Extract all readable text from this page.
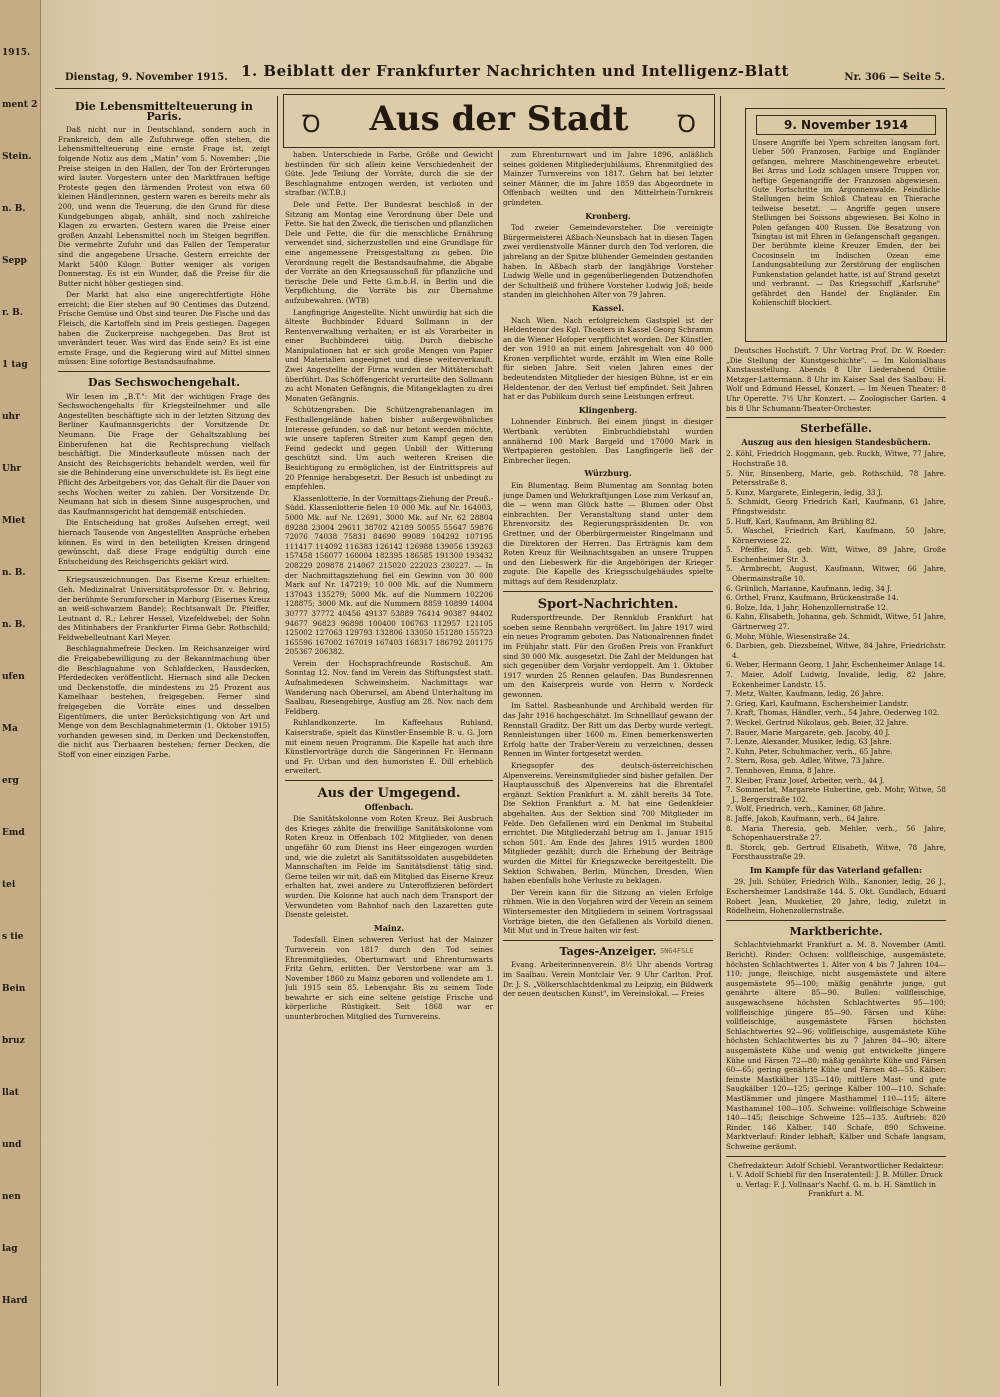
1915.
ment 2
Stein.
n. B.
Sepp
r. B.
1 tag
uhr
Uhr
Miet
n. B.
n. B.
ufen
Ma
erg
Emd
tei
s tie
Bein
bruz
llat
und
nen
lag
Hard
Dienstag, 9. November 1915. 1. Beiblatt der Frankfurter Nachrichten und Intelligenz-Blatt	Nr. 306 — Seite 5.
Die Lebensmittelteuerung in Paris.

Daß nicht nur in Deutschland, sondern auch in Frankreich, dem alle Zufuhrwege offen stehen, die Lebensmittelteuerung eine ernste Frage ist, zeigt folgende Notiz aus dem „Matin" vom 5. November: „Die Preise steigen in den Hallen, der Ton der Erörterungen wird lauter. Vorgestern unter den Marktfrauen heftige Proteste gegen den lärmenden Protest von etwa 60 kleinen Händlerinnen, gestern waren es bereits mehr als 200, und wenn die Teuerung, die den Grund für diese Kundgebungen abgab, anhält, sind noch zahlreiche Klagen zu erwarten. Gestern waren die Preise einer großen Anzahl Lebensmittel noch im Steigen begriffen. Die vermehrte Zufuhr und das Fallen der Temperatur sind die angegebene Ursache. Gestern erreichte der Markt 5400 Kilogr. Butter weniger als vorigen Donnerstag. Es ist ein Wunder, daß die Preise für die Butter nicht höher gestiegen sind.

Der Markt hat also eine ungerechtfertigte Höhe erreicht; die Eier stehen auf 90 Centimes das Dutzend. Frische Gemüse und Obst sind teurer. Die Fische und das Fleisch, die Kartoffeln sind im Preis gestiegen. Dagegen haben die Zuckerpreise nachgegeben. Das Brot ist unverändert teuer. Was wird das Ende sein? Es ist eine ernste Frage, und die Regierung wird auf Mittel sinnen müssen: Eine sofortige Bestandsaufnahme.

Das Sechswochengehalt.

Wir lesen im „B.T.": Mit der wichtigen Frage des Sechswochengehalts für Kriegsteilnehmer und alle Angestellten beschäftigte sich in der letzten Sitzung des Berliner Kaufmannsgerichts der Vorsitzende Dr. Neumann. Die Frage der Gehaltszahlung bei Einberufenen hat die Rechtsprechung vielfach beschäftigt. Die Minderkaufleute müssen nach der Ansicht des Reichsgerichts behandelt werden, weil für sie die Behinderung eine unverschuldete ist. Es liegt eine Pflicht des Arbeitgebers vor, das Gehalt für die Dauer von sechs Wochen weiter zu zahlen. Der Vorsitzende Dr. Neumann hat sich in diesem Sinne ausgesprochen, und das Kaufmannsgericht hat demgemäß entschieden.

Die Entscheidung hat großes Aufsehen erregt, weil hiernach Tausende von Angestellten Ansprüche erheben können. Es wird in den beteiligten Kreisen dringend gewünscht, daß diese Frage endgültig durch eine Entscheidung des Reichsgerichts geklärt wird.

Kriegsauszeichnungen. Das Eiserne Kreuz erhielten: Geh. Medizinalrat Universitätsprofessor Dr. v. Behring, der berühmte Serumforscher in Marburg (Eisernes Kreuz an weiß-schwarzem Bande); Rechtsanwalt Dr. Pfeiffer, Leutnant d. R.; Lehrer Hessel, Vizefeldwebel; der Sohn des Mitinhabers der Frankfurter Firma Gebr. Rothschild; Feldwebelleutnant Karl Meyer.

Beschlagnahmefreie Decken. Im Reichsanzeiger wird die Freigabebewilligung zu der Bekanntmachung über die Beschlagnahme von Schlafdecken, Hausdecken, Pferdedecken veröffentlicht. Hiernach sind alle Decken und Deckenstoffe, die mindestens zu 25 Prozent aus Kamelhaar bestehen, freigegeben. Ferner sind freigegeben die Vorräte eines und desselben Eigentümers, die unter Berücksichtigung von Art und Menge von dem Beschlagnahmetermin (1. Oktober 1915) vorhanden gewesen sind, in Decken und Deckenstoffen, die nicht aus Tierhaaren bestehen; ferner Decken, die Stoff von einer einzigen Farbe.

Ꝺ	Aus der Stadt	Ꝺ

haben. Unterschiede in Farbe, Größe und Gewicht bestünden für sich allein keine Verschiedenheit der Güte. Jede Teilung der Vorräte, durch die sie der Beschlagnahme entzogen werden, ist verboten und strafbar. (W.T.B.)

Dele und Fette. Der Bundesrat beschloß in der Sitzung am Montag eine Verordnung über Dele und Fette. Sie hat den Zweck, die tierischen und pflanzlichen Dele und Fette, die für die menschliche Ernährung verwendet sind, sicherzustellen und eine Grundlage für eine angemessene Preisgestaltung zu geben. Die Verordnung regelt die Bestandsaufnahme, die Abgabe der Vorräte an den Kriegsausschuß für pflanzliche und tierische Dele und Fette G.m.b.H. in Berlin und die Verpflichtung, die Vorräte bis zur Übernahme aufzubewahren. (WTB)

Langfingrige Angestellte. Nicht unwürdig hat sich die älteste Buchbinder Eduard Sollmann in der Rentenverwaltung verhalten; er ist als Vorarbeiter in einer Buchbinderei tätig. Durch diebische Manipulationen hat er sich große Mengen von Papier und Materialien angeeignet und diese weiterverkauft. Zwei Angestellte der Firma wurden der Mittäterschaft überführt. Das Schöffengericht verurteilte den Sollmann zu acht Monaten Gefängnis, die Mitangeklagten zu drei Monaten Gefängnis.

Schützengraben. Die Schützengrabenanlagen im Festhallengelände haben bisher außergewöhnliches Interesse gefunden, so daß nur betont werden möchte, wie unsere tapferen Streiter zum Kampf gegen den Feind gedeckt und gegen Unbill der Witterung geschützt sind. Um auch weiteren Kreisen die Besichtigung zu ermöglichen, ist der Eintrittspreis auf 20 Pfennige herabgesetzt. Der Besuch ist unbedingt zu empfehlen.

Klassenlotterie. In der Vormittags-Ziehung der Preuß.-Südd. Klassenlotterie fielen 10 000 Mk. auf Nr. 164003, 5000 Mk. auf Nr. 12691, 3000 Mk. auf Nr. 62 28804 89288 23004 29611 38702 42189 50055 55647 59876 72076 74038 75831 84690 99089 104292 107195 111417 114092 116383 126142 126988 139056 139263 157458 156077 160004 182395 186585 191300 193432 208229 209878 214067 215020 222023 230227. — In der Nachmittagsziehung fiel ein Gewinn von 30 000 Mark auf Nr. 147219; 10 000 Mk. auf die Nummern 137043 135279; 5000 Mk. auf die Nummern 102206 128875; 3000 Mk. auf die Nummern 8859 10899 14004 30777 37772 40456 49137 53889 76414 90387 94402 94677 96823 96898 100400 106763 112957 121105 125002 127063 129793 132806 133050 151280 155723 165596 167002 167019 167403 168317 186792 201175 205367 206382.

Verein der Hochsprachfreunde Rostschuß. Am Sonntag 12. Nov. fand im Verein das Stiftungsfest statt. Aufnahmedesen Schweinsheim. Nachmittags war Wanderung nach Oberursel, am Abend Unterhaltung im Saalbau, Riesengebirge, Ausflug am 28. Nov. nach dem Feldberg.

Ruhlandkonzerte. Im Kaffeehaus Ruhland, Kaiserstraße, spielt das Künstler-Ensemble B. u. G. Jorn mit einem neuen Programm. Die Kapelle hat auch ihre Künstlervorträge durch die Sängerinnen Fr. Hermann und Fr. Urban und den humoristen E. Dill erheblich erweitert.

Aus der Umgegend.
Offenbach.

Die Sanitätskolonne vom Roten Kreuz. Bei Ausbruch des Krieges zählte die freiwillige Sanitätskolonne vom Roten Kreuz in Offenbach 102 Mitglieder, von denen ungefähr 60 zum Dienst ins Heer eingezogen wurden und, wie die zuletzt als Sanitätssoldaten ausgebildeten Mannschaften im Felde im Sanitätsdienst tätig sind. Gerne teilen wir mit, daß ein Mitglied das Eiserne Kreuz erhalten hat, zwei andere zu Unteroffizieren befördert wurden. Die Kolonne hat auch nach dem Transport der Verwundeten vom Bahnhof nach den Lazaretten gute Dienste geleistet.

Mainz.

Todesfall. Einen schweren Verlust hat der Mainzer Turnverein von 1817 durch den Tod seines Ehrenmitgliedes, Oberturnwart und Ehrenturnwarts Fritz Gehrn, erlitten. Der Verstorbene war am 3. November 1860 zu Mainz geboren und vollendete am 1. Juli 1915 sein 85. Lebensjahr. Bis zu seinem Tode bewahrte er sich eine seltene geistige Frische und körperliche Rüstigkeit. Seit 1868 war er ununterbrochen Mitglied des Turnvereins.

zum Ehrenturnwart und im Jahre 1896, anläßlich seines goldenen Mitgliederjubiläums, Ehrenmitglied des Mainzer Turnvereins von 1817. Gehrn hat bei letzter seiner Männer, die im Jahre 1859 das Abgeordnete in Offenbach weilten und den Mittelrhein-Turnkreis gründeten.

Kronberg.

Tod zweier Gemeindevorsteher. Die vereinigte Bürgermeisterei Aßbach-Neunsbach hat in diesen Tagen zwei verdienstvolle Männer durch den Tod verloren, die jahrelang an der Spitze blühender Gemeinden gestanden haben. In Aßbach starb der langjährige Vorsteher Ludwig Welle und in gegenüberliegenden Dutzendhofen der Schultheiß und frühere Vorsteher Ludwig Joß; beide standen im gleichhohen Alter von 79 Jahren.

Kassel.

Nach Wien. Nach erfolgreichem Gastspiel ist der Heldentenor des Kgl. Theaters in Kassel Georg Schramm an die Wiener Hofoper verpflichtet worden. Der Künstler, der von 1910 an mit einem Jahresgehalt von 40 000 Kronen verpflichtet wurde, erzählt im Wien eine Rolle für sieben Jahre. Seit vielen Jahren eines der bedeutendsten Mitglieder der hiesigen Bühne, ist er ein Heldentenor, der den Verlust tief empfindet. Seit Jahren hat er das Publikum durch seine Leistungen erfreut.

Klingenberg.

Lohnender Einbruch. Bei einem jüngst in diesiger Wertbank verübten Einbruchdiebstahl wurden annähernd 100 Mark Bargeld und 17000 Mark in Wertpapieren gestohlen. Das Langfingerle ließ der Einbrecher liegen.

Würzburg.

Ein Blumentag. Beim Blumentag am Sonntag boten junge Damen und Wehrkraftjungen Lose zum Verkauf an, die — wenn man Glück hatte — Blumen oder Obst einbrachten. Der Veranstaltung stand unter dem Ehrenvorsitz des Regierungspräsidenten Dr. von Grettner, und der Oberbürgermeister Ringelmann und die Direktoren der Herren. Das Erträgnis kam dem Roten Kreuz für Weihnachtsgaben an unsere Truppen und den Liebeswerk für die Angehörigen der Krieger zugute. Die Kapelle des Kriegsschulgebäudes spielte mittags auf dem Residenzplatz.

Sport-Nachrichten.

Rudersportfreunde. Der Rennklub Frankfurt hat soeben seine Rennbahn vergrößert. Im Jahre 1917 wird ein neues Programm geboten. Das Nationalrennen findet im Frühjahr statt. Für den Großen Preis von Frankfurt sind 30 000 Mk. ausgesetzt. Die Zahl der Meldungen hat sich gegenüber dem Vorjahr verdoppelt. Am 1. Oktober 1917 wurden 25 Rennen gelaufen. Das Bundesrennen um den Kaiserpreis wurde von Herrn v. Nordeck gewonnen.

Im Sattel. Rasbeanhunde und Archibald werden für das Jahr 1916 hochgeschätzt. Im Schnelllauf gewann der Rennstall Graditz. Der Ritt um das Derby wurde verlegt. Rennleistungen über 1600 m. Einen bemerkenswerten Erfolg hatte der Traber-Verein zu verzeichnen, dessen Rennen im Winter fortgesetzt werden.

Kriegsopfer des deutsch-österreichischen Alpenvereins. Vereinsmitglieder sind bisher gefallen. Der Hauptausschuß des Alpenvereins hat die Ehrentafel ergänzt. Sektion Frankfurt a. M. zählt bereits 34 Tote. Die Sektion Frankfurt a. M. hat eine Gedenkfeier abgehalten. Aus der Sektion sind 700 Mitglieder im Felde. Den Gefallenen wird ein Denkmal im Stubaital errichtet. Die Mitgliederzahl betrug am 1. Januar 1915 schon 501. Am Ende des Jahres 1915 wurden 1800 Mitglieder gezählt; durch die Erhebung der Beiträge wurden die Mittel für Kriegszwecke bereitgestellt. Die Sektion Schwaben, Berlin, München, Dresden, Wien haben ebenfalls hohe Verluste zu beklagen.

Der Verein kann für die Sitzung an vielen Erfolge rühmen. Wie in den Vorjahren wird der Verein an seinem Wintersemester den Mitgliedern in seinem Vortragssaal Vorträge bieten, die den Gefallenen als Vorbild dienen. Mit Mut und in Treue halten wir fest.

Tages-Anzeiger.

Evang. Arbeiterinnenverein. 8½ Uhr abends Vortrag im Saalbau. Verein Montclair Ver. 9 Uhr Carlton. Prof. Dr. J. S. „Völkerschlachtdenkmal zu Leipzig, ein Bildwerk der neuen deutschen Kunst", im Vereinslokal. — Freies

9. November 1914
Unsere Angriffe bei Ypern schreiten langsam fort. Ueber 500 Franzosen, Farbige und Engländer gefangen, mehrere Maschinengewehre erbeutet. Bei Arras und Lodz schlagen unsere Truppen vor, heftige Gegenangriffe der Franzosen abgewiesen. Gute Fortschritte im Argonnenwalde. Feindliche Stellungen beim Schloß Chateau en Thierache teilweise besetzt. — Angriffe gegen unsere Stellungen bei Soissons abgewiesen. Bei Kolno in Polen gefangen 400 Russen. Die Besatzung von Tsingtau ist mit Ehren in Gefangenschaft gegangen. Der berühmte kleine Kreuzer Emden, der bei Cocosinseln im Indischen Ozean eine Landungsabteilung zur Zerstörung der englischen Funkenstation gelandet hatte, ist auf Strand gesetzt und verbrannt. — Das Kriegsschiff „Karlsruhe" gefährdet den Handel der Engländer. Ein Kohlenschiff blockiert.

Deutsches Hochstift. 7 Uhr Vortrag Prof. Dr. W. Roeder: „Die Stellung der Kunstgeschichte". — Im Kolonialhaus Kunstausstellung. Abends 8 Uhr Liederabend Ottilie Metzger-Lattermann. 8 Uhr im Kaiser Saal des Saalbau: H. Wolf und Edmund Hessel, Konzert. — Im Neuen Theater: 8 Uhr Operette. 7½ Uhr Konzert. — Zoologischer Garten. 4 bis 8 Uhr Schumann-Theater-Orchester.

Sterbefälle.
Auszug aus den hiesigen Standesbüchern.
2. Köhl, Friedrich Hoggmann, geb. Ruckh, Witwe, 77 Jahre, Hochstraße 18.
5. Nür, Binsenberg, Marie, geb. Rothschild, 78 Jahre. Petersstraße 8.
5. Kunz, Margarete, Einlegerin, ledig, 33 J.
5. Schmidt, Georg Friedrich Karl, Kaufmann, 61 Jahre, Pfingstweidstr.
5. Huff, Karl, Kaufmann, Am Brühling 82.
5. Waschel, Friedrich Karl, Kaufmann, 50 Jahre, Körnerwiese 22.
5. Pfeiffer, Ida, geb. Witt, Witwe, 89 Jahre, Große Eschenheimer Str. 3.
5. Armbrecht, August, Kaufmann, Witwer, 66 Jahre, Obermainstraße 10.
6. Grünlich, Marianne, Kaufmann, ledig, 34 J.
6. Orthel, Franz, Kaufmann, Brückenstraße 14.
6. Bolze, Ida, 1 Jahr, Hohenzollernstraße 12.
6. Kahn, Elisabeth, Johanna, geb. Schmidt, Witwe, 51 Jahre, Gärtnerweg 27.
6. Mohr, Mühle, Wiesenstraße 24.
6. Darbien, geb. Diezsbeinel, Witwe, 84 Jahre, Friedrichstr. 4.
6. Weber, Hermann Georg, 1 Jahr, Eschenheimer Anlage 14.
7. Maier, Adolf Ludwig, Invalide, ledig, 82 Jahre, Eckenheimer Landstr. 15.
7. Metz, Walter, Kaufmann, ledig, 26 Jahre.
7. Grieg, Karl, Kaufmann, Eschersheimer Landstr.
7. Kraft, Thomas, Händler, verh., 54 Jahre, Oederweg 102.
7. Weckel, Gertrud Nikolaus, geb. Beier, 32 Jahre.
7. Bauer, Marie Margarete, geb. Jacoby, 40 J.
7. Lenze, Alexander, Musiker, ledig, 63 Jahre.
7. Kuhn, Peter, Schuhmacher, verh., 65 Jahre.
7. Stern, Rosa, geb. Adler, Witwe, 73 Jahre.
7. Tennhoven, Emma, 8 Jahre.
7. Kleiber, Franz Josef, Arbeiter, verh., 44 J.
7. Sommerlat, Margarete Hubertine, geb. Mohr, Witwe, 58 J., Bergerstraße 102.
7. Wolf, Friedrich, verh., Kaminer, 68 Jahre.
8. Jaffé, Jakob, Kaufmann, verh., 64 Jahre.
8. Maria Theresia, geb. Mehler, verh., 56 Jahre, Schopenhauerstraße 27.
8. Storck, geb. Gertrud Elisabeth, Witwe, 78 Jahre, Forsthausstraße 29.
Im Kampfe für das Vaterland gefallen:

29. Juli. Schüler, Friedrich Wilh., Kanonier, ledig, 26 J., Eschersheimer Landstraße 144. 5. Okt. Gundlach, Eduard Robert Jean, Musketier, 20 Jahre, ledig, zuletzt in Rödelheim, Hohenzollernstraße.

Marktberichte.

Schlachtviehmarkt Frankfurt a. M. 8. November (Amtl. Bericht). Rinder: Ochsen: vollfleischige, ausgemästete, höchsten Schlachtwertes 1. Alter von 4 bis 7 Jahren 104—110; junge, fleischige, nicht ausgemästete und ältere ausgemästete 95—100; mäßig genährte junge, gut genährte ältere 85—90. Bullen: vollfleischige, ausgewachsene höchsten Schlachtwertes 95—100; vollfleischige jüngere 85—90. Färsen und Kühe: vollfleischige, ausgemästete Färsen höchsten Schlachtwertes 92—96; vollfleischige, ausgemästete Kühe höchsten Schlachtwertes bis zu 7 Jahren 84—90; ältere ausgemästete Kühe und wenig gut entwickelte jüngere Kühe und Färsen 72—80; mäßig genährte Kühe und Färsen 60—65; gering genährte Kühe und Färsen 48—55. Kälber: feinste Mastkälber 135—140; mittlere Mast- und gute Saugkälber 120—125; geringe Kälber 100—110. Schafe: Mastlämmer und jüngere Masthammel 110—115; ältere Masthammel 100—105. Schweine: vollfleischige Schweine 140—145; fleischige Schweine 125—135. Auftrieb: 820 Rinder, 146 Kälber, 140 Schafe, 890 Schweine. Marktverlauf: Rinder lebhaft, Kälber und Schafe langsam, Schweine geräumt.

Chefredakteur: Adolf Schiebl. Verantwortlicher Redakteur: i. V. Adolf Schiebl für den Inseratenteil: J. B. Müller. Druck u. Verlag: F. J. Vollnaar's Nachf. G. m. b. H. Sämtlich in Frankfurt a. M.

SNG4FSLE
